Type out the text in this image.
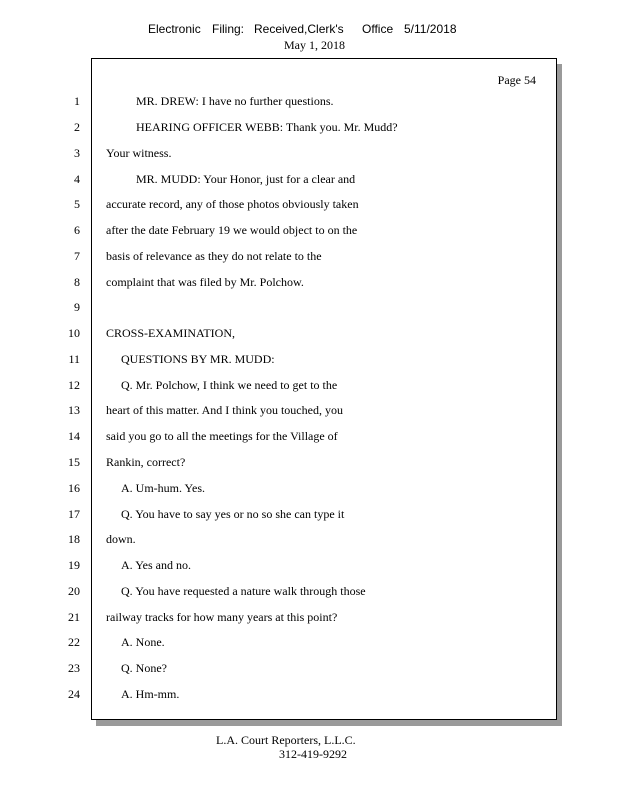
Electronic Filing: Received,Clerk's Office 5/11/2018
May 1, 2018
Page 54
1	MR. DREW: I have no further questions.
2	HEARING OFFICER WEBB: Thank you. Mr. Mudd?
3 Your witness.
4	MR. MUDD: Your Honor, just for a clear and
5 accurate record, any of those photos obviously taken
6 after the date February 19 we would object to on the
7 basis of relevance as they do not relate to the
8 complaint that was filed by Mr. Polchow.
9
10 CROSS-EXAMINATION,
11	QUESTIONS BY MR. MUDD:
12	Q. Mr. Polchow, I think we need to get to the
13 heart of this matter. And I think you touched, you
14 said you go to all the meetings for the Village of
15 Rankin, correct?
16	A. Um-hum. Yes.
17	Q. You have to say yes or no so she can type it
18 down.
19	A. Yes and no.
20	Q. You have requested a nature walk through those
21 railway tracks for how many years at this point?
22	A. None.
23	Q. None?
24	A. Hm-mm.
L.A. Court Reporters, L.L.C.
312-419-9292
